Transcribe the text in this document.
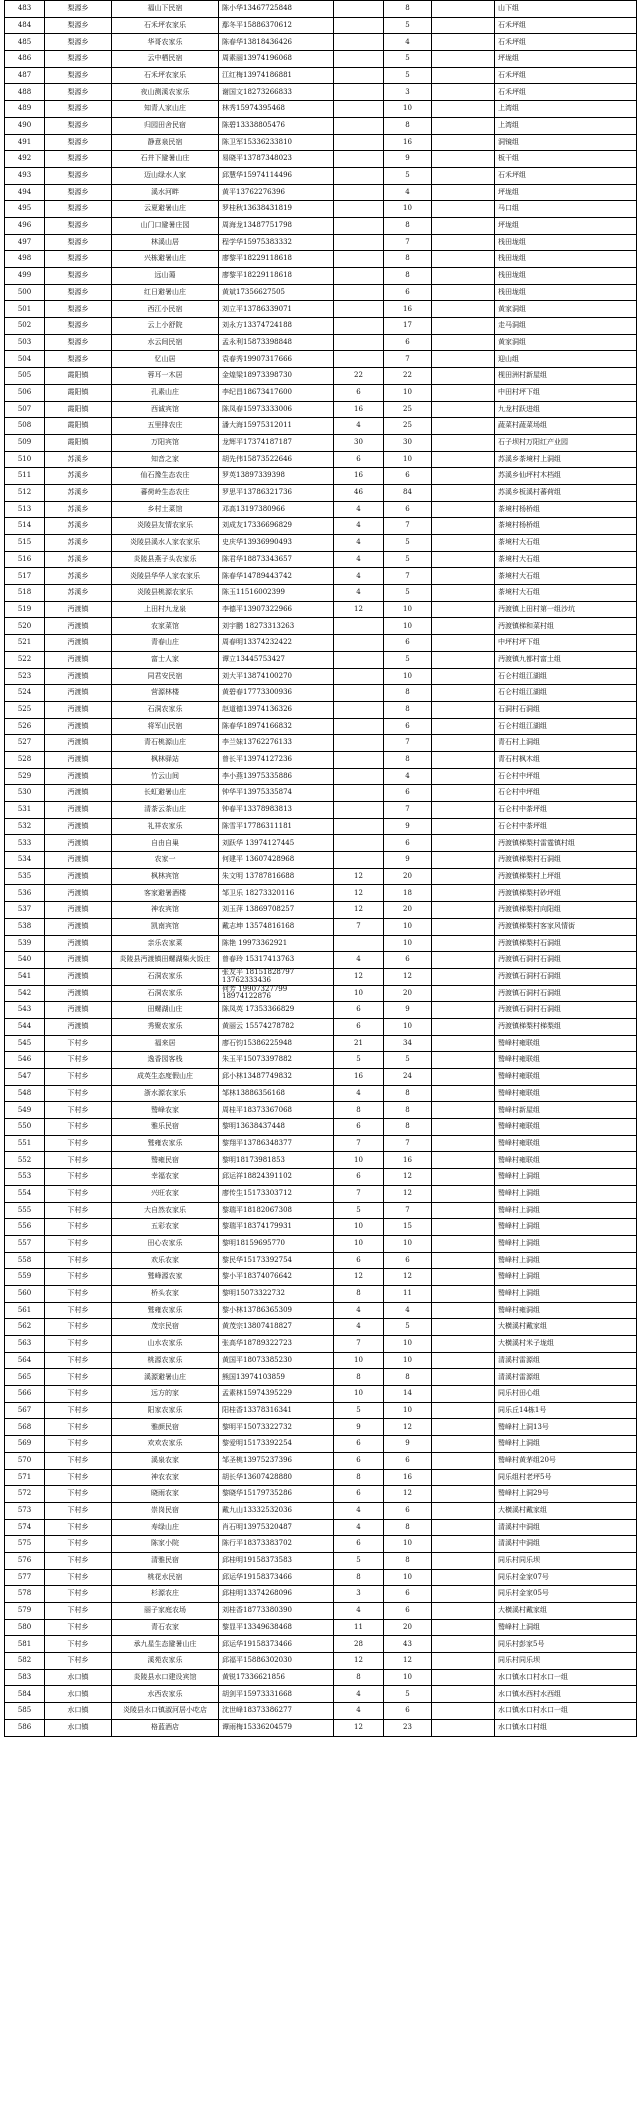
483	梨源乡	福山下民宿	陈小华13467725848		8		山下组
484	梨源乡	石禾坪农家乐	鄢冬平15886370612		5		石禾坪组
485	梨源乡	华哥农家乐	陈春华13818436426		4		石禾坪组
486	梨源乡	云中栖民宿	周素丽13974196068		5		坪垅组
487	梨源乡	石禾坪农家乐	江红梅13974186881		5		石禾坪组
488	梨源乡	夜山测溪农家乐	谢国文18273266833		3		石禾坪组
489	梨源乡	知青人家山庄	林秀15974395468		10		上湾组
490	梨源乡	归园田舍民宿	陈碧13338805476		8		上湾组
491	梨源乡	静意泉民宿	陈卫军15336233810		16		洞镜组
492	梨源乡	石井下避暑山庄	易晓平13787348023		9		板干组
493	梨源乡	迈山绿水人家	邱慧华15974114496		5		石禾坪组
494	梨源乡	溪水河畔	黄平13762276396		4		坪垅组
495	梨源乡	云夏避暑山庄	罗桂秋13638431819		10		马口组
496	梨源乡	山门口避暑庄园	周海龙13487751798		8		坪垅组
497	梨源乡	林溪山居	程学华15975383332		7		栈田垅组
498	梨源乡	兴栋避暑山庄	廖黎平18229118618		8		栈田垅组
499	梨源乡	远山蔼	廖黎平18229118618		8		栈田垅组
500	梨源乡	红日避暑山庄	黄斌17356627505		6		栈田垅组
501	梨源乡	西江小民宿	刘立平13786339071		16		黄家洞组
502	梨源乡	云上小舒院	刘永方13374724188		17		走马洞组
503	梨源乡	水云间民宿	孟永利15873398848		6		黄家洞组
504	梨源乡	忆山居	袁春秀19907317666		7		迎山组
505	霞阳镇	蓉耳一木居	金煌梁18973398730	22	22		枧田洲村新屋组
506	霞阳镇	孔素山庄	李纪昌18673417600	6	10		中田村坪下组
507	霞阳镇	西诚宾馆	陈凤春15973333006	16	25		九龙村跃进组
508	霞阳镇	五里排农庄	潘大海15975312011	4	25		蔬菜村蔬菜场组
509	霞阳镇	万阳宾馆	龙辉平17374187187	30	30		石子坝村万阳红产业园
510	苏溪乡	知音之家	胡先伟15873522646	6	10		苏溪乡茶境村上洞组
511	苏溪乡	仙石豫生态农庄	罗英13897339398	16	6		苏溪乡仙坪村木档组
512	苏溪乡	蕃荷岭生态农庄	罗思平13786321736	46	84		苏溪乡板溪村蕃荷组
513	苏溪乡	乡村土菜馆	邓高13197380966	4	6		茶境村杨桥组
514	苏溪乡	炎陵县友情农家乐	刘成友17336696829	4	7		茶境村杨桥组
515	苏溪乡	炎陵县溪水人家农家乐	史庆华13936990493	4	5		茶境村大石组
516	苏溪乡	炎陵县燕子头农家乐	陈君华18873343657	4	5		茶境村大石组
517	苏溪乡	炎陵县华华人家农家乐	陈春华14789443742	4	7		茶境村大石组
518	苏溪乡	炎陵县桃源农家乐	陈玉11516002399	4	5		茶境村大石组
519	沔渡镇	上田村九龙泉	李德平13907322966	12	10		沔渡镇上田村第一组沙坑
520	沔渡镇	农家菜馆	刘宇鹏 18273313263		10		沔渡镇梯和菜村组
521	沔渡镇	青春山庄	周春明13374232422		6		中坪村坪下组
522	沔渡镇	富士人家	谭立13445753427		5		沔渡镇九都村富土组
523	沔渡镇	同君安民宿	刘大平13874100270		10		石仑村组江湖组
524	沔渡镇	营源林楼	黄碧春17773300936		8		石仑村组江湖组
525	沔渡镇	石洞农家乐	赵道德13974136326		8		石洞村石洞组
526	沔渡镇	将军山民宿	陈春华18974166832		6		石仑村组江湖组
527	沔渡镇	青石桃源山庄	李兰妹13762276133		7		青石村上洞组
528	沔渡镇	枫林驿站	曾长平13974127236		8		青石村枫木组
529	沔渡镇	竹云山间	李小燕13975335886		4		石仑村中坪组
530	沔渡镇	长虹避暑山庄	钟华平13975335874		6		石仑村中坪组
531	沔渡镇	清茶云茶山庄	钟春平13378983813		7		石仑村中茶坪组
532	沔渡镇	礼祥农家乐	陈雪平17786311181		9		石仑村中茶坪组
533	沔渡镇	自由自巢	刘跃华 13974127445		6		沔渡镇梯梨村雷霆镇村组
534	沔渡镇	农家一	何建平 13607428968		9		沔渡镇梯梨村石洞组
535	沔渡镇	枫林宾馆	朱文明 13787816688	12	20		沔渡镇梯梨村上坪组
536	沔渡镇	客家避暑酒楼	邹卫乐 18273320116	12	18		沔渡镇梯梨村砂坪组
537	沔渡镇	神农宾馆	刘玉萍 13869708257	12	20		沔渡镇梯梨村向阳组
538	沔渡镇	凯南宾馆	戴志坤 13574816168	7	10		沔渡镇梯梨村客家风情街
539	沔渡镇	亲乐农家菜	陈艳 19973362921		10		沔渡镇梯梨村石洞组
540	沔渡镇	炎陵县沔渡镇田螺湖柴火饭庄	曾春玲 15317413763	4	6		沔渡镇石洞村石洞组
541	沔渡镇	石洞农家乐	张友平 18151828797 13762333436	12	12		沔渡镇石洞村石洞组
542	沔渡镇	石洞农家乐	何芳 19907327799 18974122876	10	20		沔渡镇石洞村石洞组
543	沔渡镇	田螺湖山庄	陈凤英 17353366829	6	9		沔渡镇石洞村石洞组
544	沔渡镇	秀聚农家乐	黄丽云 15574278782	6	10		沔渡镇梯梨村梯梨组
545	下村乡	福来居	廖石钧15386225948	21	34		鹫峰村雍联组
546	下村乡	逸香园客栈	朱玉平15073397882	5	5		鹫峰村雍联组
547	下村乡	成英生态度假山庄	邱小林13487749832	16	24		鹫峰村雍联组
548	下村乡	浙水源农家乐	邹林13886356168	4	8		鹫峰村雍联组
549	下村乡	鹫峰农家	周桂平18373367068	8	8		鹫峰村新屋组
550	下村乡	雅乐民宿	黎明13638437448	6	8		鹫峰村雍联组
551	下村乡	鹫雍农家乐	黎翔平13786348377	7	7		鹫峰村雍联组
552	下村乡	鹫雍民宿	黎明18173981853	10	16		鹫峰村雍联组
553	下村乡	幸福农家	邱运祥18824391102	6	12		鹫峰村上洞组
554	下村乡	兴旺农家	廖传生15173303712	7	12		鹫峰村上洞组
555	下村乡	大自然农家乐	黎瑞平18182067308	5	7		鹫峰村上洞组
556	下村乡	五彩农家	黎瑞平18374179931	10	15		鹫峰村上洞组
557	下村乡	田心农家乐	黎明18159695770	10	10		鹫峰村上洞组
558	下村乡	欢乐农家	黎民华15173392754	6	6		鹫峰村上洞组
559	下村乡	鹫峰源农家	黎小平18374076642	12	12		鹫峰村上洞组
560	下村乡	桥头农家	黎明15073322732	8	11		鹫峰村上洞组
561	下村乡	鹫雍农家乐	黎小林13786365309	4	4		鹫峰村雍洞组
562	下村乡	茂宗民宿	黄茂宗13807418827	4	5		大横溪村戴家组
563	下村乡	山水农家乐	张高华18789322723	7	10		大横溪村米子垅组
564	下村乡	桃源农家乐	黄国平18073385230	10	10		清溪村雷源组
565	下村乡	溪源避暑山庄	熊国13974103859	8	8		清溪村雷源组
566	下村乡	远方的家	孟素林15974395229	10	14		同乐村田心组
567	下村乡	阳家农家乐	阳桂香13378316341	5	10		同乐丘14栋1号
568	下村乡	雅颜民宿	黎明平15073322732	9	12		鹫峰村上洞13号
569	下村乡	欢欢农家乐	黎爱明15173392254	6	9		鹫峰村上洞组
570	下村乡	溪泉农家	邹圣桃13975237396	6	6		鹫峰村黄茅组20号
571	下村乡	神农农家	胡长华13607428880	8	16		同乐组村老坪5号
572	下村乡	晓雨农家	黎晓华15179735286	6	12		鹫峰村上洞29号
573	下村乡	崇岗民宿	戴九山13332532036	4	6		大横溪村戴家组
574	下村乡	寿绿山庄	肖石明13975320487	4	8		清溪村中洞组
575	下村乡	陈家小院	陈行平18373383702	6	10		清溪村中洞组
576	下村乡	清雅民宿	邱桂明19158373583	5	8		同乐村同乐坝
577	下村乡	桃花水民宿	邱运华19158373466	8	10		同乐村金家07号
578	下村乡	杉源农庄	邱桂明13374268096	3	6		同乐村金家05号
579	下村乡	丽子家庭农场	刘桂香18773380390	4	6		大横溪村戴家组
580	下村乡	青石农家	黎显平13349638468	11	20		鹫峰村上洞组
581	下村乡	承九星生态避暑山庄	邱运华19158373466	28	43		同乐村彭家5号
582	下村乡	溪苑农家乐	邱福平15886302030	12	12		同乐村同乐坝
583	水口镇	炎陵县水口建设宾馆	黄锐17336621856	8	10		水口镇水口村水口一组
584	水口镇	水西农家乐	胡剑平15973331668	4	5		水口镇水西村水西组
585	水口镇	炎陵县水口镇淑河居小吃店	沈世峰18373386277	4	6		水口镇水口村水口一组
586	水口镇	格蓝酒店	谭雨梅15336204579	12	23		水口镇水口村组
